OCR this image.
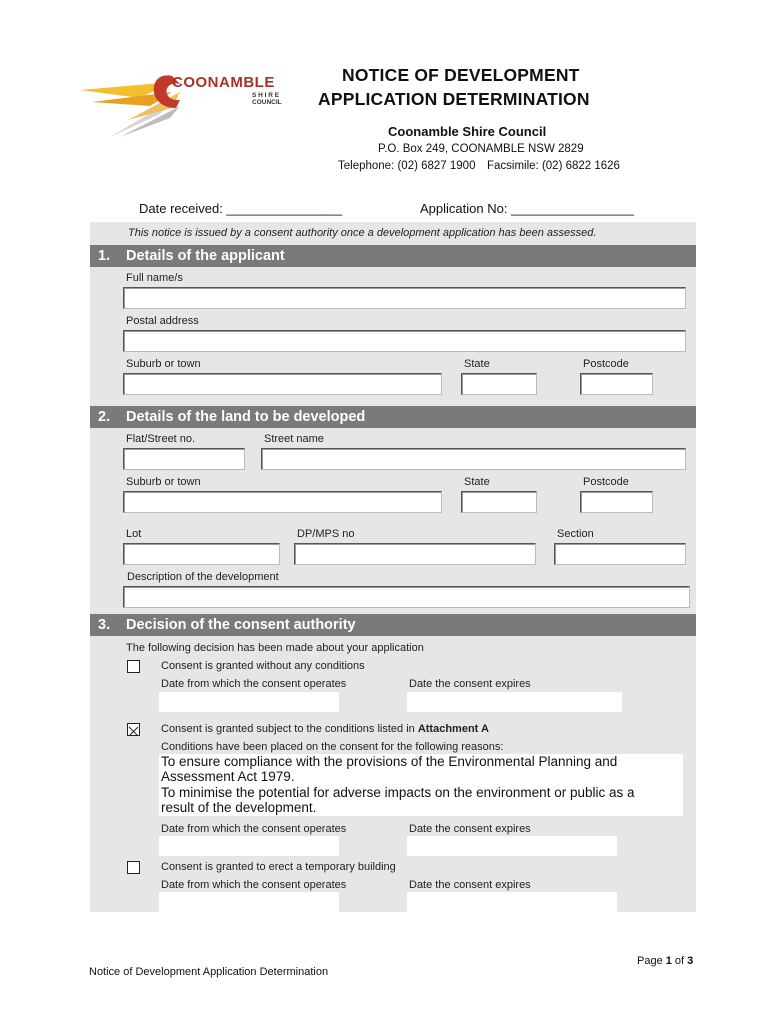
COONAMBLE
S H I R E
COUNCIL
NOTICE OF DEVELOPMENT
APPLICATION DETERMINATION
Coonamble Shire Council
P.O. Box 249, COONAMBLE NSW 2829
Telephone: (02) 6827 1900 Facsimile: (02) 6822 1626
Date received: ________________	Application No: _________________
This notice is issued by a consent authority once a development application has been assessed.
1. Details of the applicant
Full name/s
Postal address
Suburb or town	State	Postcode
2. Details of the land to be developed
Flat/Street no.	Street name
Suburb or town	State	Postcode
Lot	DP/MPS no	Section
Description of the development
3. Decision of the consent authority
The following decision has been made about your application
Consent is granted without any conditions
Date from which the consent operates	Date the consent expires
Consent is granted subject to the conditions listed in Attachment A
Conditions have been placed on the consent for the following reasons:
To ensure compliance with the provisions of the Environmental Planning and
Assessment Act 1979.
To minimise the potential for adverse impacts on the environment or public as a
result of the development.
Date from which the consent operates	Date the consent expires
Consent is granted to erect a temporary building
Date from which the consent operates	Date the consent expires
Page 1 of 3
Notice of Development Application Determination
